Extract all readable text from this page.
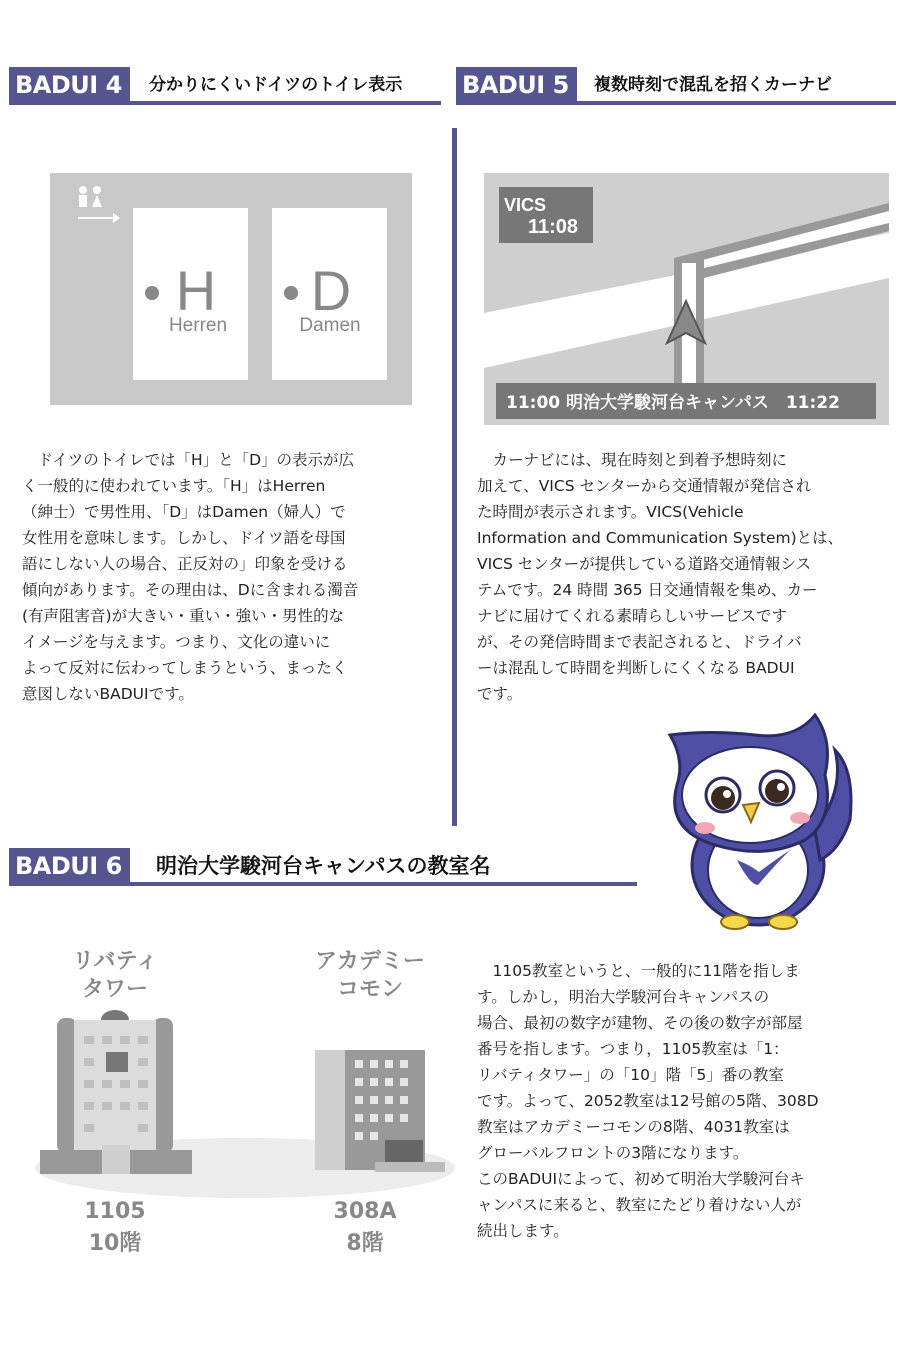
BADUI 4	分かりにくいドイツのトイレ表示
H
Herren
D
Damen
　ドイツのトイレでは「H」と「D」の表示が広
く一般的に使われています。「H」はHerren
（紳士）で男性用、「D」はDamen（婦人）で
女性用を意味します。しかし、ドイツ語を母国
語にしない人の場合、正反対の」印象を受ける
傾向があります。その理由は、Dに含まれる濁音
(有声阻害音)が大きい・重い・強い・男性的な
イメージを与えます。つまり、文化の違いに
よって反対に伝わってしまうという、まったく
意図しないBADUIです。
BADUI 5	複数時刻で混乱を招くカーナビ
VICS
11:08
11:00 明治大学駿河台キャンパス　11:22
　カーナビには、現在時刻と到着予想時刻に
加えて、VICS センターから交通情報が発信され
た時間が表示されます。VICS(Vehicle
Information and Communication System)とは、
VICS センターが提供している道路交通情報シス
テムです。24 時間 365 日交通情報を集め、カー
ナビに届けてくれる素晴らしいサービスです
が、その発信時間まで表記されると、ドライバ
ーは混乱して時間を判断しにくくなる BADUI
です。
BADUI 6	明治大学駿河台キャンパスの教室名
リバティ
タワー
1105
10階
アカデミー
コモン
308A
8階
　1105教室というと、一般的に11階を指しま
す。しかし，明治大学駿河台キャンパスの
場合、最初の数字が建物、その後の数字が部屋
番号を指します。つまり，1105教室は「1：
リバティタワー」の「10」階「5」番の教室
です。よって、2052教室は12号館の5階、308D
教室はアカデミーコモンの8階、4031教室は
グローバルフロントの3階になります。
このBADUIによって、初めて明治大学駿河台キ
ャンパスに来ると、教室にたどり着けない人が
続出します。
